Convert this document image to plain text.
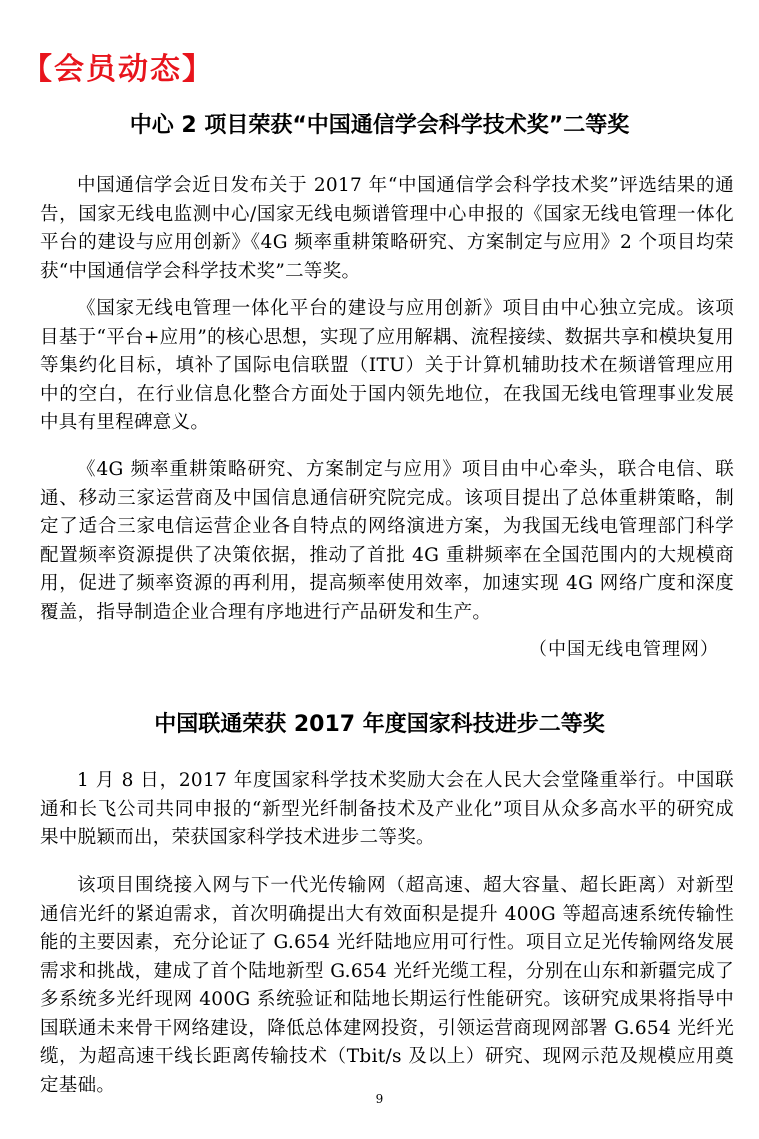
【会员动态】
中心 2 项目荣获“中国通信学会科学技术奖”二等奖

中国通信学会近日发布关于 2017 年“中国通信学会科学技术奖”评选结果的通告，国家无线电监测中心/国家无线电频谱管理中心申报的《国家无线电管理一体化平台的建设与应用创新》《4G 频率重耕策略研究、方案制定与应用》2 个项目均荣获“中国通信学会科学技术奖”二等奖。

《国家无线电管理一体化平台的建设与应用创新》项目由中心独立完成。该项目基于“平台+应用”的核心思想，实现了应用解耦、流程接续、数据共享和模块复用等集约化目标，填补了国际电信联盟（ITU）关于计算机辅助技术在频谱管理应用中的空白，在行业信息化整合方面处于国内领先地位，在我国无线电管理事业发展中具有里程碑意义。

《4G 频率重耕策略研究、方案制定与应用》项目由中心牵头，联合电信、联通、移动三家运营商及中国信息通信研究院完成。该项目提出了总体重耕策略，制定了适合三家电信运营企业各自特点的网络演进方案，为我国无线电管理部门科学配置频率资源提供了决策依据，推动了首批 4G 重耕频率在全国范围内的大规模商用，促进了频率资源的再利用，提高频率使用效率，加速实现 4G 网络广度和深度覆盖，指导制造企业合理有序地进行产品研发和生产。

（中国无线电管理网）
中国联通荣获 2017 年度国家科技进步二等奖

1 月 8 日，2017 年度国家科学技术奖励大会在人民大会堂隆重举行。中国联通和长飞公司共同申报的“新型光纤制备技术及产业化”项目从众多高水平的研究成果中脱颖而出，荣获国家科学技术进步二等奖。

该项目围绕接入网与下一代光传输网（超高速、超大容量、超长距离）对新型通信光纤的紧迫需求，首次明确提出大有效面积是提升 400G 等超高速系统传输性能的主要因素，充分论证了 G.654 光纤陆地应用可行性。项目立足光传输网络发展需求和挑战，建成了首个陆地新型 G.654 光纤光缆工程，分别在山东和新疆完成了多系统多光纤现网 400G 系统验证和陆地长期运行性能研究。该研究成果将指导中国联通未来骨干网络建设，降低总体建网投资，引领运营商现网部署 G.654 光纤光缆，为超高速干线长距离传输技术（Tbit/s 及以上）研究、现网示范及规模应用奠定基础。

9
